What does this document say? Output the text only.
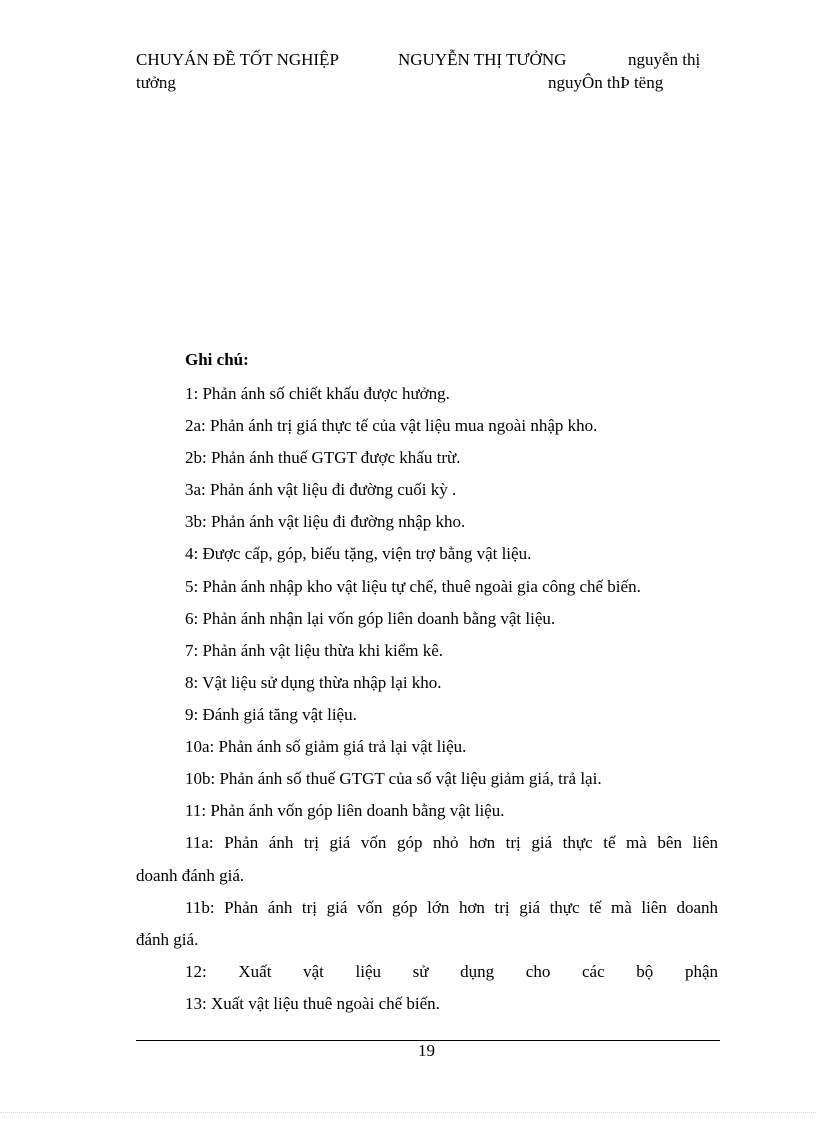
CHUYÁN ĐỀ TỐT NGHIỆP	NGUYỄN THỊ TƯỞNG	nguyễn thị
tưởng	nguyÔn thÞ tëng
Ghi chú:
1: Phản ánh số chiết khấu được hưởng.
2a: Phản ánh trị giá thực tế của vật liệu mua ngoài nhập kho.
2b: Phản ánh thuế GTGT được khấu trừ.
3a: Phản ánh vật liệu đi đường cuối kỳ .
3b: Phản ánh vật liệu đi đường nhập kho.
4: Được cấp, góp, biếu tặng, viện trợ bằng vật liệu.
5: Phản ánh nhập kho vật liệu tự chế, thuê ngoài gia công chế biến.
6: Phản ánh nhận lại vốn góp liên doanh bằng vật liệu.
7: Phản ánh vật liệu thừa khi kiểm kê.
8: Vật liệu sử dụng thừa nhập lại kho.
9: Đánh giá tăng vật liệu.
10a: Phản ánh số giảm giá trả lại vật liệu.
10b: Phản ánh số thuế GTGT của số vật liệu giảm giá, trả lại.
11: Phản ánh vốn góp liên doanh bằng vật liệu.
11a: Phản ánh trị giá vốn góp nhỏ hơn trị giá thực tế mà bên liên
doanh đánh giá.
11b: Phản ánh trị giá vốn góp lớn hơn trị giá thực tế mà liên doanh
đánh giá.
12: Xuất vật liệu sử dụng cho các bộ phận
13: Xuất vật liệu thuê ngoài chế biến.
19
